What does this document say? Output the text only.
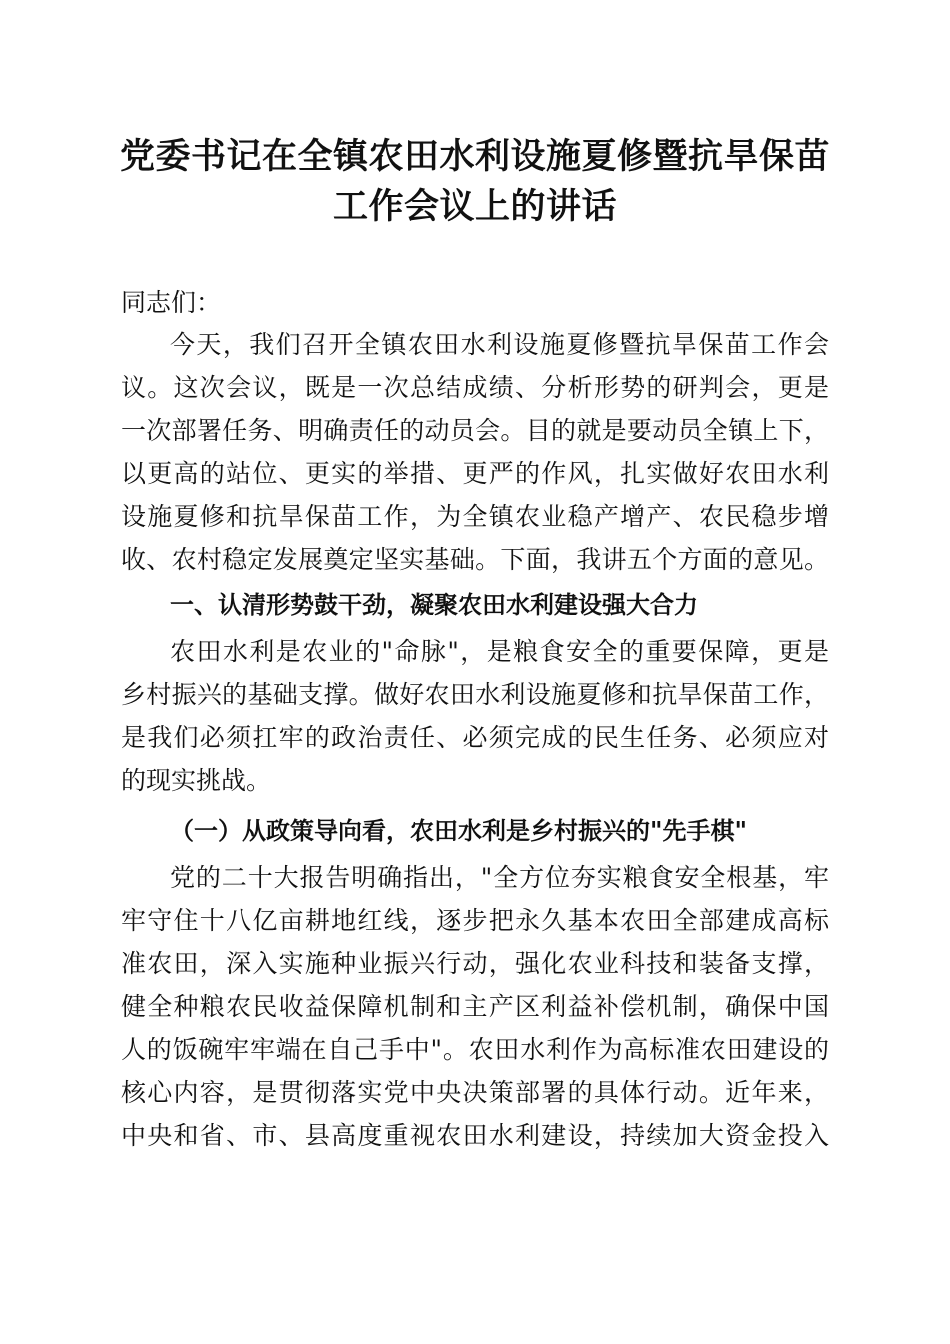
党委书记在全镇农田水利设施夏修暨抗旱保苗
工作会议上的讲话
同志们：
今天，我们召开全镇农田水利设施夏修暨抗旱保苗工作会
议。这次会议，既是一次总结成绩、分析形势的研判会，更是
一次部署任务、明确责任的动员会。目的就是要动员全镇上下，
以更高的站位、更实的举措、更严的作风，扎实做好农田水利
设施夏修和抗旱保苗工作，为全镇农业稳产增产、农民稳步增
收、农村稳定发展奠定坚实基础。下面，我讲五个方面的意见。
一、认清形势鼓干劲，凝聚农田水利建设强大合力
农田水利是农业的"命脉"，是粮食安全的重要保障，更是
乡村振兴的基础支撑。做好农田水利设施夏修和抗旱保苗工作，
是我们必须扛牢的政治责任、必须完成的民生任务、必须应对
的现实挑战。
（一）从政策导向看，农田水利是乡村振兴的"先手棋"
党的二十大报告明确指出，"全方位夯实粮食安全根基，牢
牢守住十八亿亩耕地红线，逐步把永久基本农田全部建成高标
准农田，深入实施种业振兴行动，强化农业科技和装备支撑，
健全种粮农民收益保障机制和主产区利益补偿机制，确保中国
人的饭碗牢牢端在自己手中"。农田水利作为高标准农田建设的
核心内容，是贯彻落实党中央决策部署的具体行动。近年来，
中央和省、市、县高度重视农田水利建设，持续加大资金投入
